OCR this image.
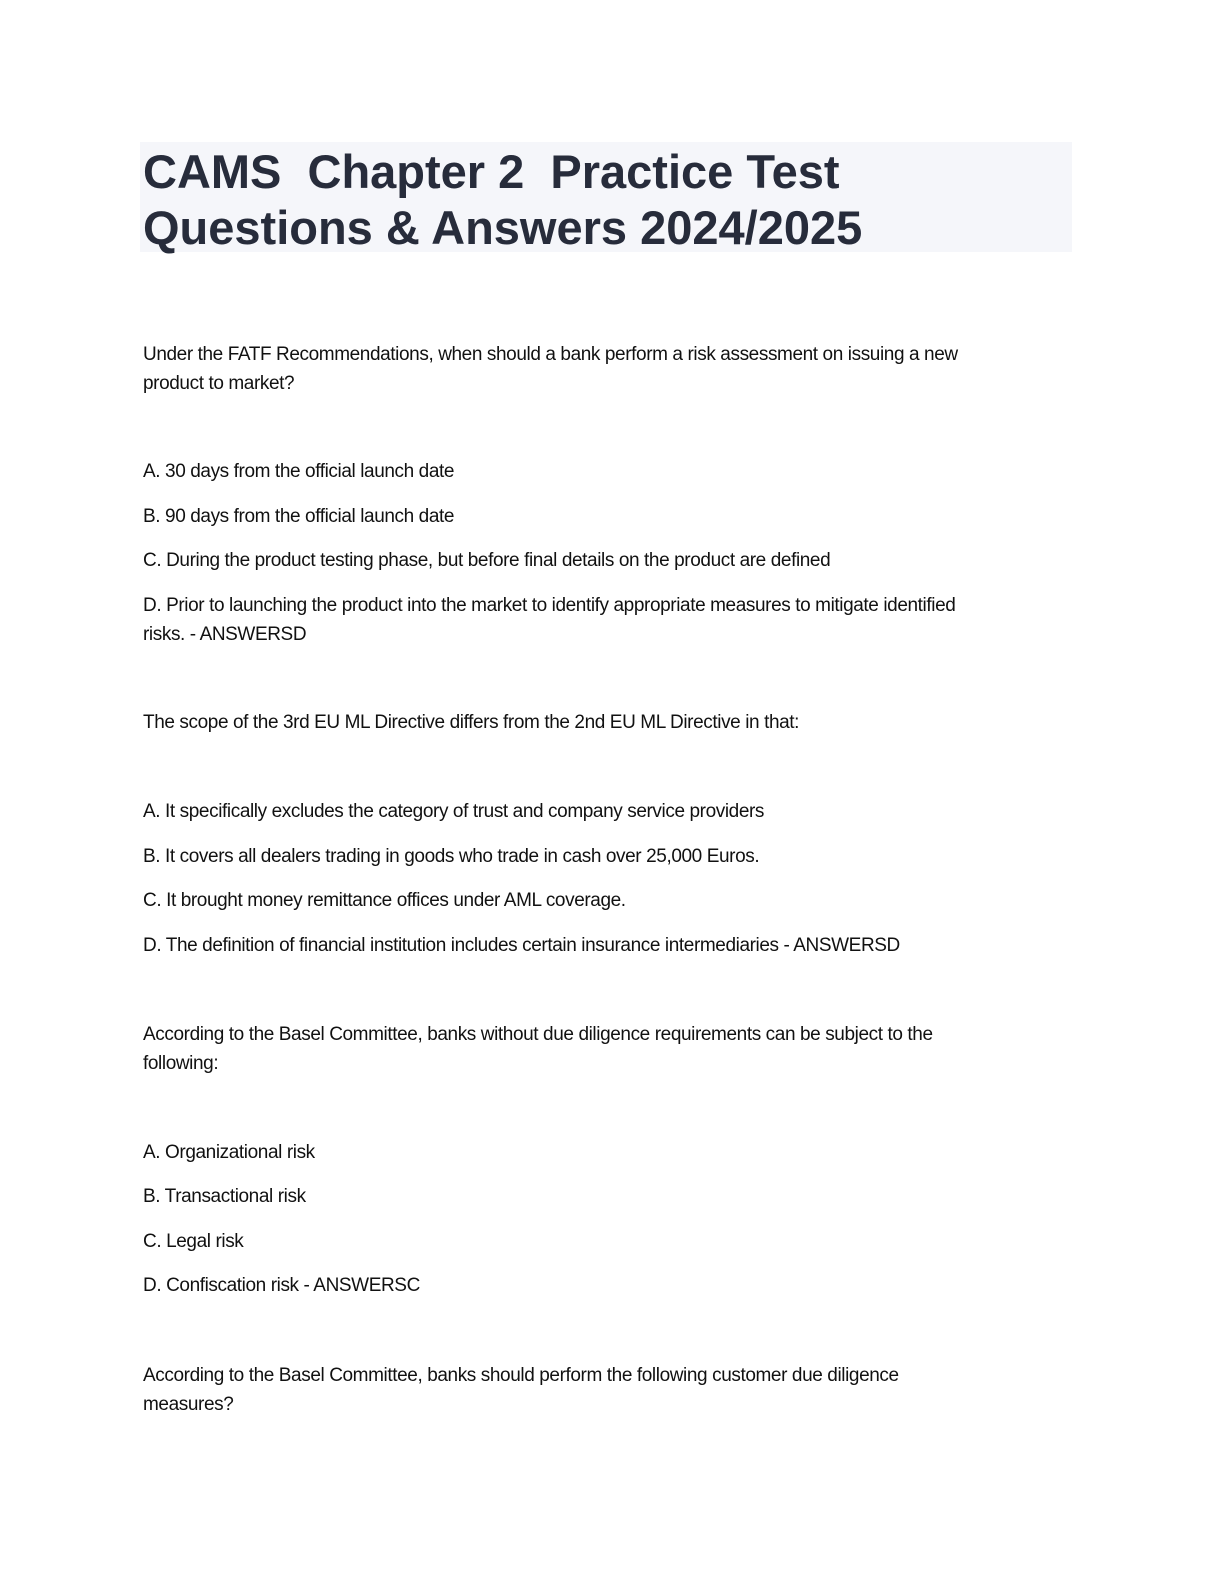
CAMS  Chapter 2  Practice Test
Questions & Answers 2024/2025

Under the FATF Recommendations, when should a bank perform a risk assessment on issuing a new

product to market?

A. 30 days from the official launch date

B. 90 days from the official launch date

C. During the product testing phase, but before final details on the product are defined

D. Prior to launching the product into the market to identify appropriate measures to mitigate identified

risks. - ANSWERSD

The scope of the 3rd EU ML Directive differs from the 2nd EU ML Directive in that:

A. It specifically excludes the category of trust and company service providers

B. It covers all dealers trading in goods who trade in cash over 25,000 Euros.

C. It brought money remittance offices under AML coverage.

D. The definition of financial institution includes certain insurance intermediaries - ANSWERSD

According to the Basel Committee, banks without due diligence requirements can be subject to the

following:

A. Organizational risk

B. Transactional risk

C. Legal risk

D. Confiscation risk - ANSWERSC

According to the Basel Committee, banks should perform the following customer due diligence

measures?
